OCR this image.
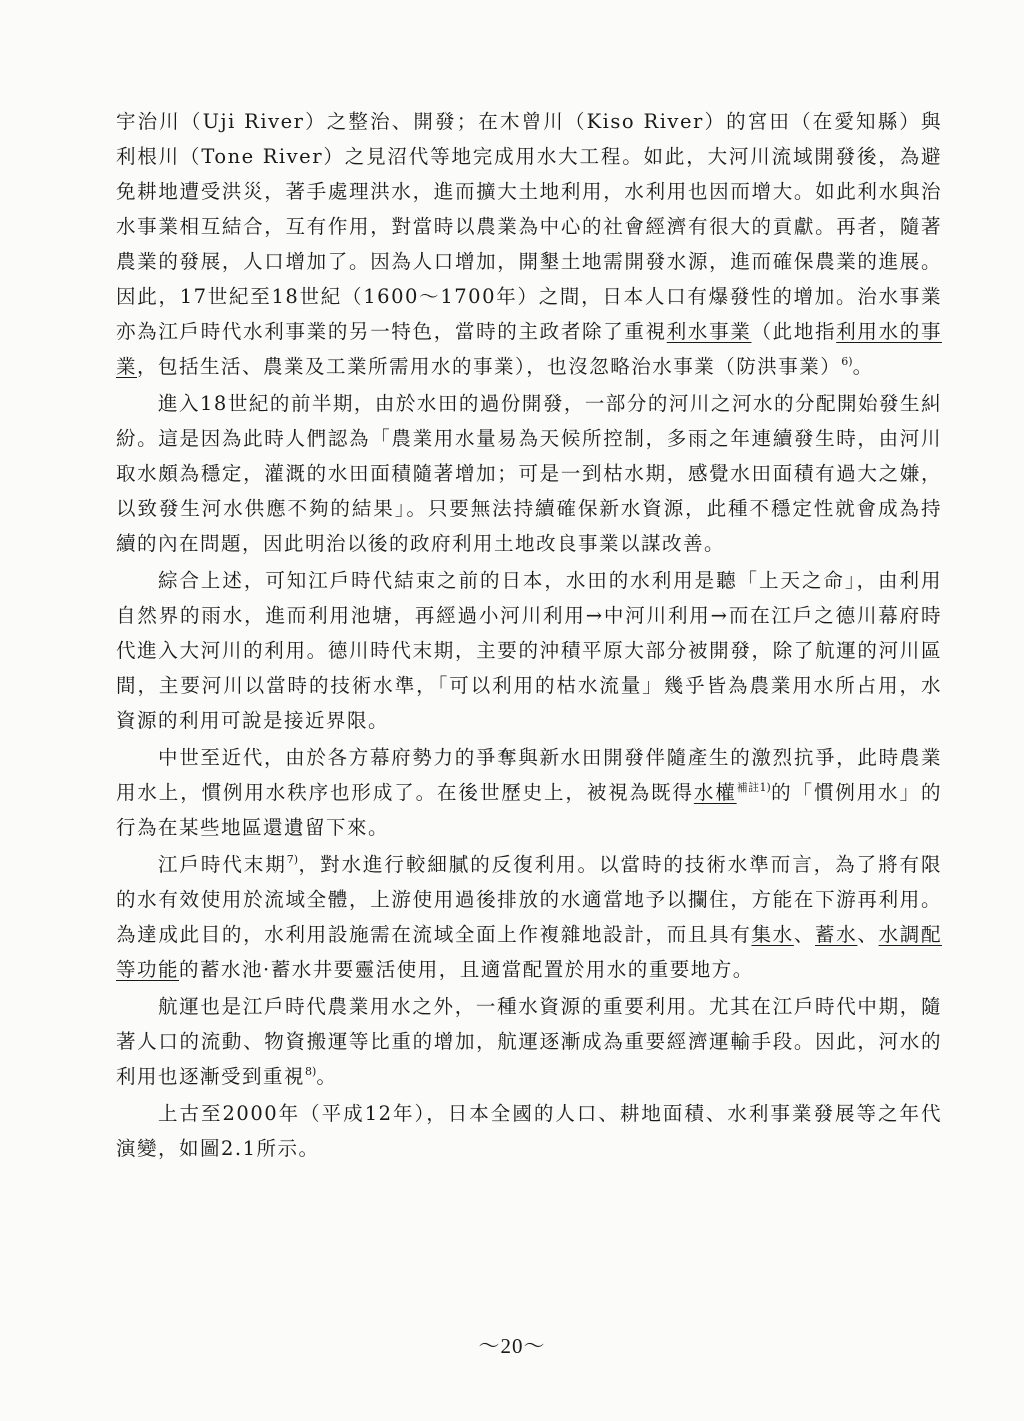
宇治川（Uji River）之整治、開發；在木曾川（Kiso River）的宮田（在愛知縣）與利根川（Tone River）之見沼代等地完成用水大工程。如此，大河川流域開發後，為避免耕地遭受洪災，著手處理洪水，進而擴大土地利用，水利用也因而增大。如此利水與治水事業相互結合，互有作用，對當時以農業為中心的社會經濟有很大的貢獻。再者，隨著農業的發展，人口增加了。因為人口增加，開墾土地需開發水源，進而確保農業的進展。因此，17世紀至18世紀（1600～1700年）之間，日本人口有爆發性的增加。治水事業亦為江戶時代水利事業的另一特色，當時的主政者除了重視利水事業（此地指利用水的事業，包括生活、農業及工業所需用水的事業），也沒忽略治水事業（防洪事業）$^{6)}$。

進入18世紀的前半期，由於水田的過份開發，一部分的河川之河水的分配開始發生糾紛。這是因為此時人們認為「農業用水量易為天候所控制，多雨之年連續發生時，由河川取水頗為穩定，灌溉的水田面積隨著增加；可是一到枯水期，感覺水田面積有過大之嫌，以致發生河水供應不夠的結果」。只要無法持續確保新水資源，此種不穩定性就會成為持續的內在問題，因此明治以後的政府利用土地改良事業以謀改善。

綜合上述，可知江戶時代結束之前的日本，水田的水利用是聽「上天之命」，由利用自然界的雨水，進而利用池塘，再經過小河川利用→中河川利用→而在江戶之德川幕府時代進入大河川的利用。德川時代末期，主要的沖積平原大部分被開發，除了航運的河川區間，主要河川以當時的技術水準，「可以利用的枯水流量」幾乎皆為農業用水所占用，水資源的利用可說是接近界限。

中世至近代，由於各方幕府勢力的爭奪與新水田開發伴隨產生的激烈抗爭，此時農業用水上，慣例用水秩序也形成了。在後世歷史上，被視為既得水權$^{補註1)}$的「慣例用水」的行為在某些地區還遺留下來。

江戶時代末期$^{7)}$，對水進行較細膩的反復利用。以當時的技術水準而言，為了將有限的水有效使用於流域全體，上游使用過後排放的水適當地予以攔住，方能在下游再利用。為達成此目的，水利用設施需在流域全面上作複雜地設計，而且具有集水、蓄水、水調配等功能的蓄水池·蓄水井要靈活使用，且適當配置於用水的重要地方。

航運也是江戶時代農業用水之外，一種水資源的重要利用。尤其在江戶時代中期，隨著人口的流動、物資搬運等比重的增加，航運逐漸成為重要經濟運輸手段。因此，河水的利用也逐漸受到重視$^{8)}$。

上古至2000年（平成12年），日本全國的人口、耕地面積、水利事業發展等之年代演變，如圖2.1所示。

～20～
